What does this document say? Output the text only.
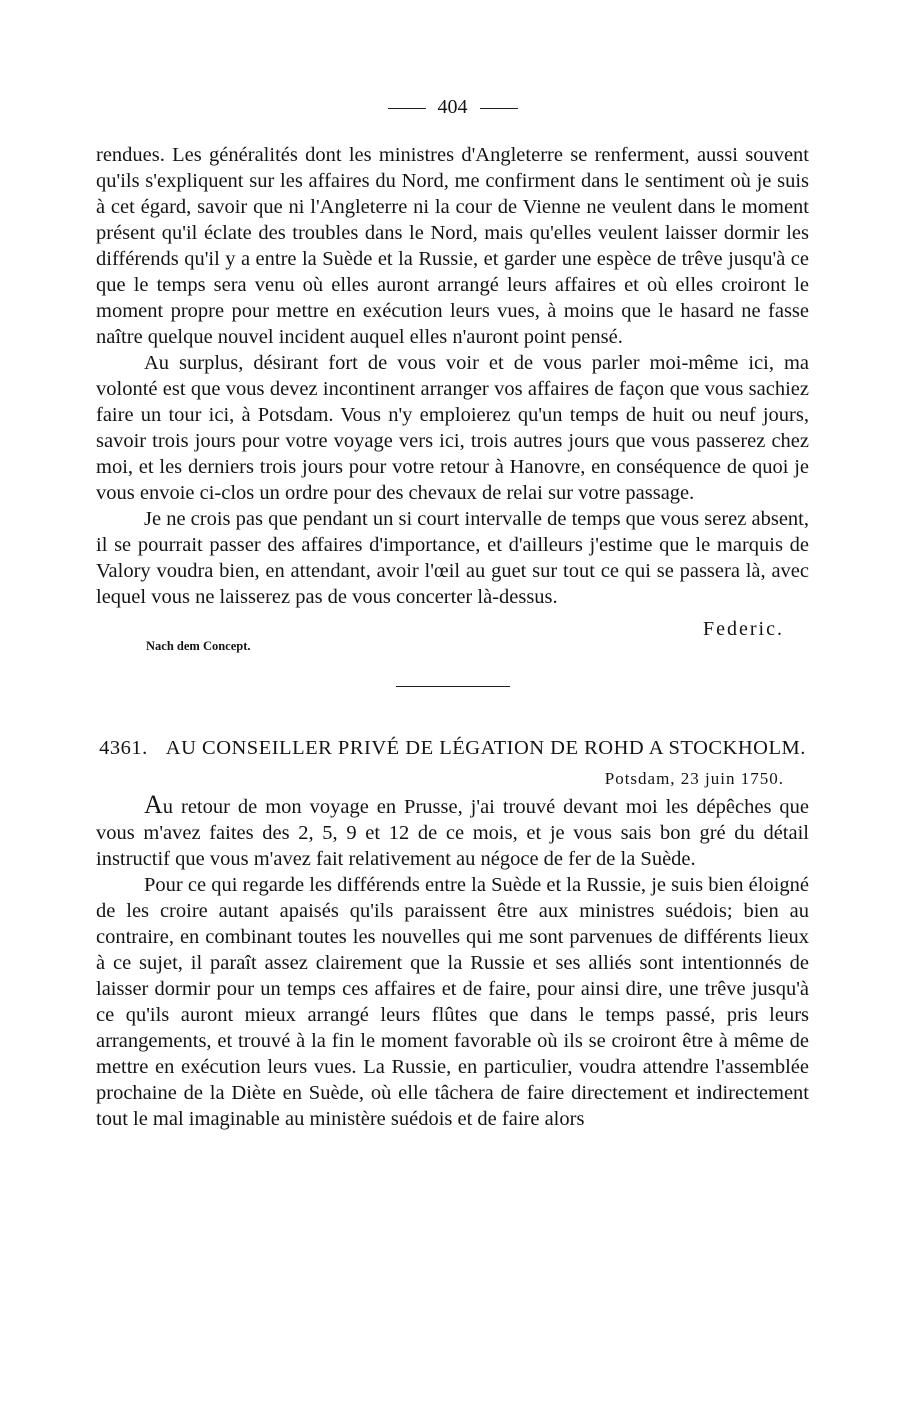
404

rendues. Les généralités dont les ministres d'Angleterre se renferment, aussi souvent qu'ils s'expliquent sur les affaires du Nord, me confirment dans le sentiment où je suis à cet égard, savoir que ni l'Angleterre ni la cour de Vienne ne veulent dans le moment présent qu'il éclate des troubles dans le Nord, mais qu'elles veulent laisser dormir les différends qu'il y a entre la Suède et la Russie, et garder une espèce de trêve jusqu'à ce que le temps sera venu où elles auront arrangé leurs affaires et où elles croiront le moment propre pour mettre en exécution leurs vues, à moins que le hasard ne fasse naître quelque nouvel incident auquel elles n'auront point pensé.

Au surplus, désirant fort de vous voir et de vous parler moi-même ici, ma volonté est que vous devez incontinent arranger vos affaires de façon que vous sachiez faire un tour ici, à Potsdam. Vous n'y emploierez qu'un temps de huit ou neuf jours, savoir trois jours pour votre voyage vers ici, trois autres jours que vous passerez chez moi, et les derniers trois jours pour votre retour à Hanovre, en conséquence de quoi je vous envoie ci-clos un ordre pour des chevaux de relai sur votre passage.

Je ne crois pas que pendant un si court intervalle de temps que vous serez absent, il se pourrait passer des affaires d'importance, et d'ailleurs j'estime que le marquis de Valory voudra bien, en attendant, avoir l'œil au guet sur tout ce qui se passera là, avec lequel vous ne laisserez pas de vous concerter là-dessus.

Federic.
Nach dem Concept.
4361. AU CONSEILLER PRIVÉ DE LÉGATION DE ROHD A STOCKHOLM.
Potsdam, 23 juin 1750.

Au retour de mon voyage en Prusse, j'ai trouvé devant moi les dépêches que vous m'avez faites des 2, 5, 9 et 12 de ce mois, et je vous sais bon gré du détail instructif que vous m'avez fait relativement au négoce de fer de la Suède.

Pour ce qui regarde les différends entre la Suède et la Russie, je suis bien éloigné de les croire autant apaisés qu'ils paraissent être aux ministres suédois; bien au contraire, en combinant toutes les nouvelles qui me sont parvenues de différents lieux à ce sujet, il paraît assez clairement que la Russie et ses alliés sont intentionnés de laisser dormir pour un temps ces affaires et de faire, pour ainsi dire, une trêve jusqu'à ce qu'ils auront mieux arrangé leurs flûtes que dans le temps passé, pris leurs arrangements, et trouvé à la fin le moment favorable où ils se croiront être à même de mettre en exécution leurs vues. La Russie, en particulier, voudra attendre l'assemblée prochaine de la Diète en Suède, où elle tâchera de faire directement et indirectement tout le mal imaginable au ministère suédois et de faire alors
